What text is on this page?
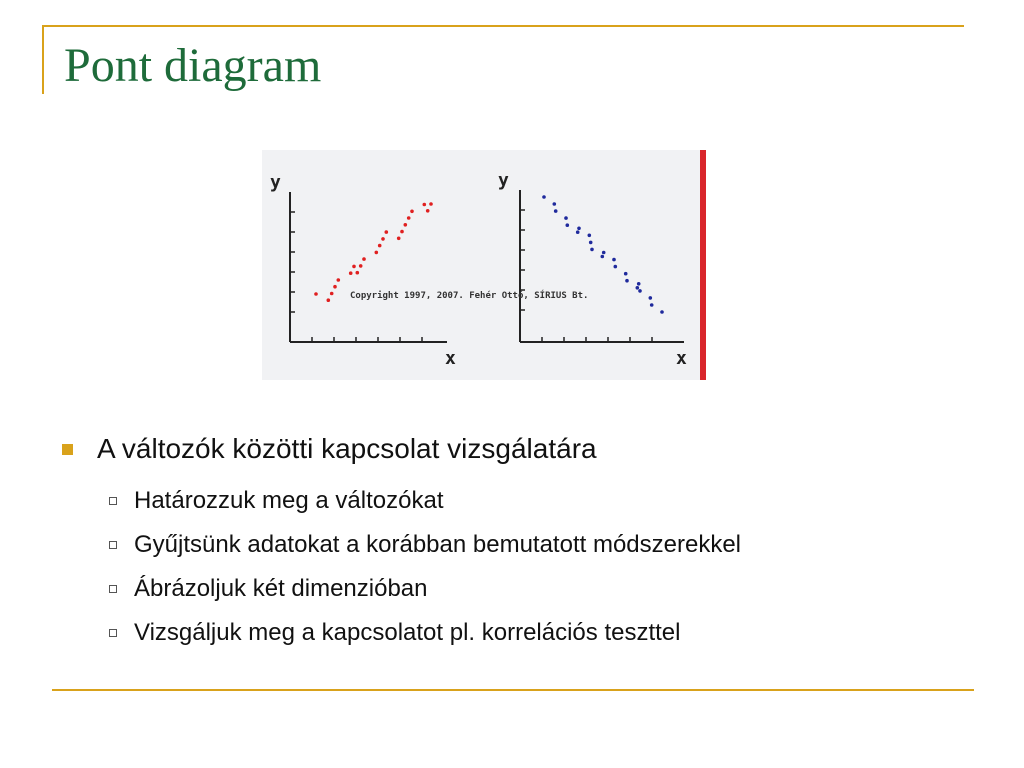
Pont diagram
y
x
y
x
Copyright 1997, 2007. Fehér Ottó, SÍRIUS Bt.
A változók közötti kapcsolat vizsgálatára
Határozzuk meg a változókat
Gyűjtsünk adatokat a korábban bemutatott módszerekkel
Ábrázoljuk két dimenzióban
Vizsgáljuk meg a kapcsolatot pl. korrelációs teszttel
